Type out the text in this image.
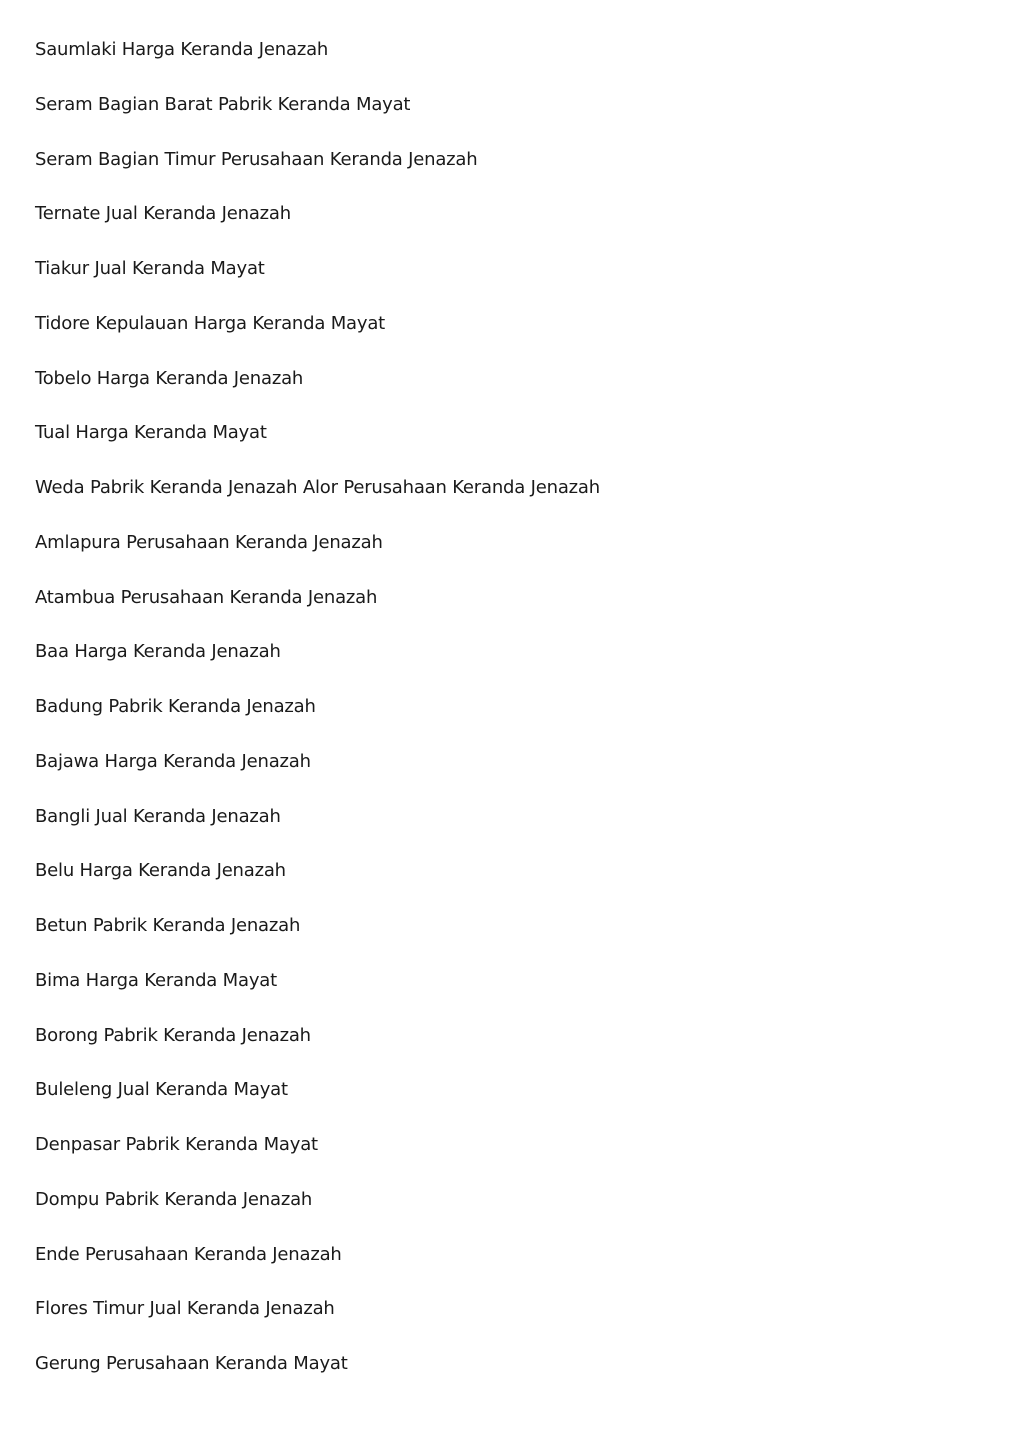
Saumlaki Harga Keranda Jenazah
Seram Bagian Barat Pabrik Keranda Mayat
Seram Bagian Timur Perusahaan Keranda Jenazah
Ternate Jual Keranda Jenazah
Tiakur Jual Keranda Mayat
Tidore Kepulauan Harga Keranda Mayat
Tobelo Harga Keranda Jenazah
Tual Harga Keranda Mayat
Weda Pabrik Keranda Jenazah Alor Perusahaan Keranda Jenazah
Amlapura Perusahaan Keranda Jenazah
Atambua Perusahaan Keranda Jenazah
Baa Harga Keranda Jenazah
Badung Pabrik Keranda Jenazah
Bajawa Harga Keranda Jenazah
Bangli Jual Keranda Jenazah
Belu Harga Keranda Jenazah
Betun Pabrik Keranda Jenazah
Bima Harga Keranda Mayat
Borong Pabrik Keranda Jenazah
Buleleng Jual Keranda Mayat
Denpasar Pabrik Keranda Mayat
Dompu Pabrik Keranda Jenazah
Ende Perusahaan Keranda Jenazah
Flores Timur Jual Keranda Jenazah
Gerung Perusahaan Keranda Mayat
